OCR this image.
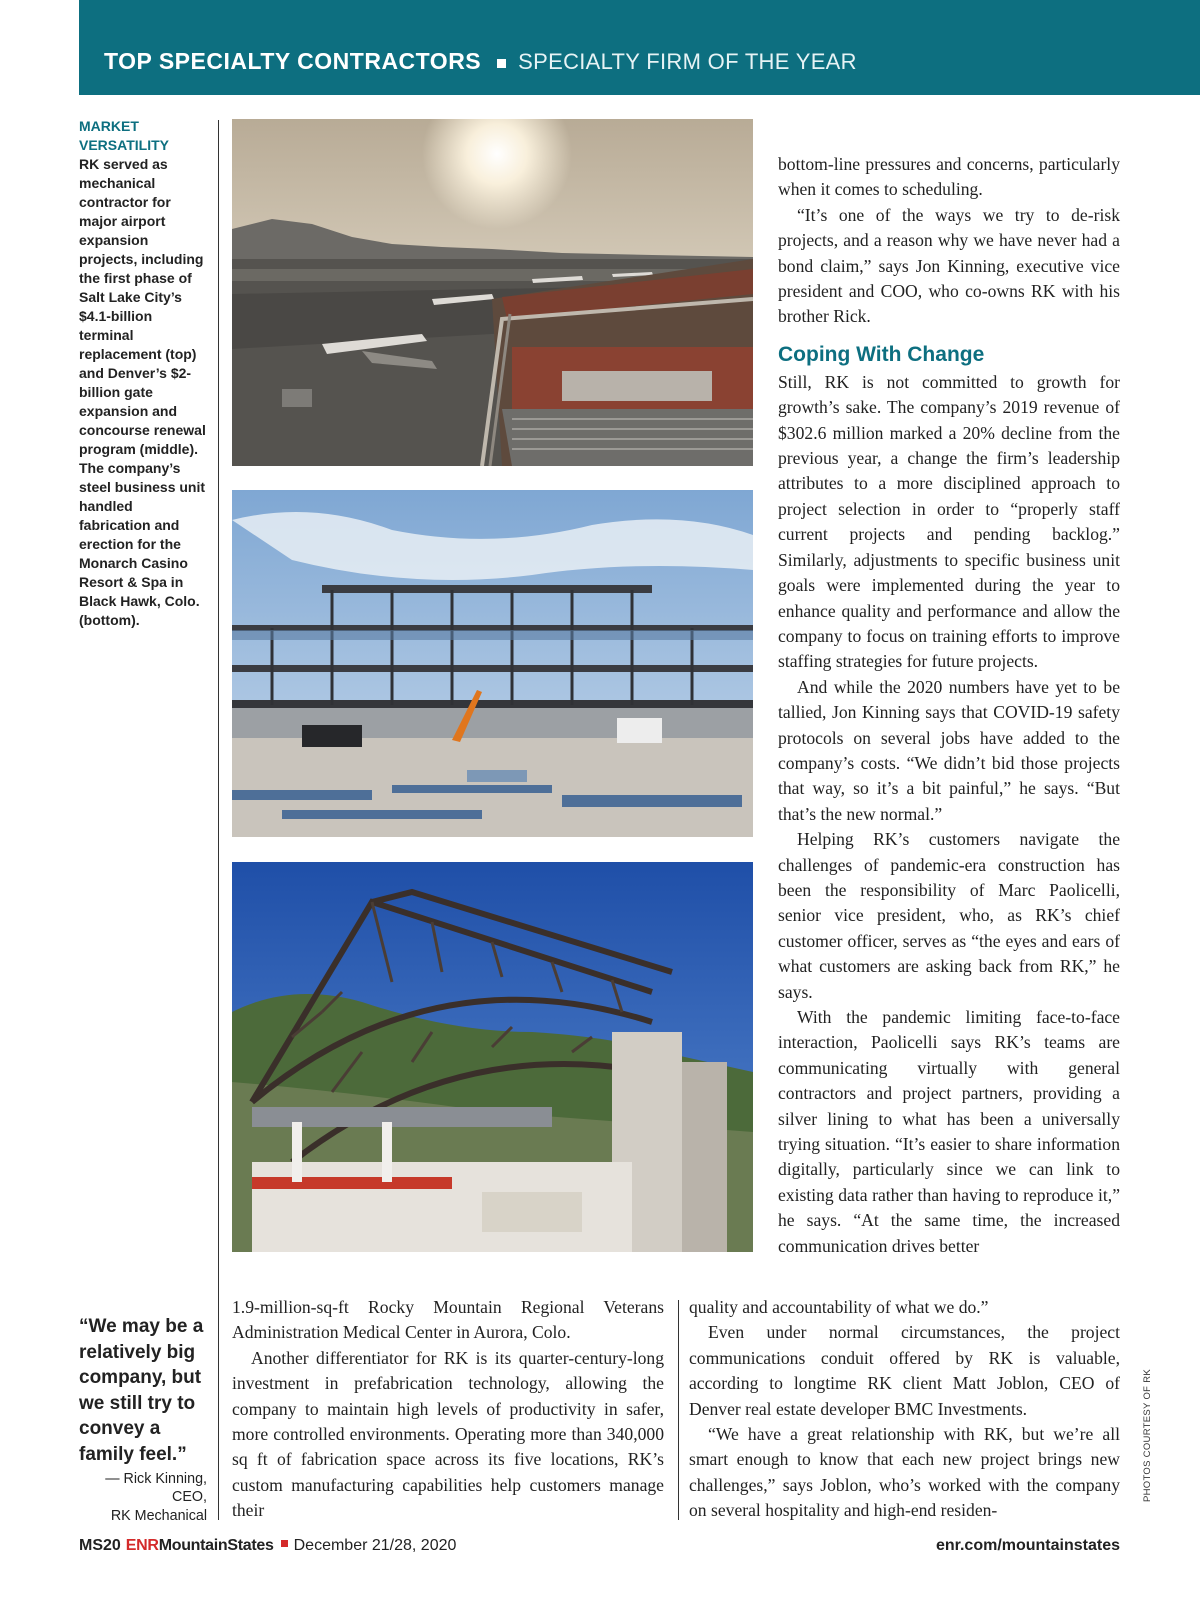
TOP SPECIALTY CONTRACTORS SPECIALTY FIRM OF THE YEAR
MARKET
VERSATILITY
RK served as mechanical contractor for major airport expansion projects, including the first phase of Salt Lake City’s $4.1-billion terminal replacement (top) and Denver’s $2-billion gate expansion and concourse renewal program (middle). The company’s steel business unit handled fabrication and erection for the Monarch Casino Resort & Spa in Black Hawk, Colo. (bottom).

bottom-line pressures and concerns, particularly when it comes to scheduling.

“It’s one of the ways we try to de-risk projects, and a reason why we have never had a bond claim,” says Jon Kinning, executive vice president and COO, who co-owns RK with his brother Rick.

Coping With Change

Still, RK is not committed to growth for growth’s sake. The company’s 2019 revenue of $302.6 million marked a 20% decline from the previous year, a change the firm’s leadership attributes to a more disciplined approach to project selection in order to “properly staff current projects and pending backlog.” Similarly, adjustments to specific business unit goals were implemented during the year to enhance quality and performance and allow the company to focus on training efforts to improve staffing strategies for future projects.

And while the 2020 numbers have yet to be tallied, Jon Kinning says that COVID-19 safety protocols on several jobs have added to the company’s costs. “We didn’t bid those projects that way, so it’s a bit painful,” he says. “But that’s the new normal.”

Helping RK’s customers navigate the challenges of pandemic-era construction has been the responsibility of Marc Paolicelli, senior vice president, who, as RK’s chief customer officer, serves as “the eyes and ears of what customers are asking back from RK,” he says.

With the pandemic limiting face-to-face interaction, Paolicelli says RK’s teams are communicating virtually with general contractors and project partners, providing a silver lining to what has been a universally trying situation. “It’s easier to share information digitally, particularly since we can link to existing data rather than having to reproduce it,” he says. “At the same time, the increased communication drives better

1.9-million-sq-ft Rocky Mountain Regional Veterans Administration Medical Center in Aurora, Colo.

Another differentiator for RK is its quarter-century-long investment in prefabrication technology, allowing the company to maintain high levels of productivity in safer, more controlled environments. Operating more than 340,000 sq ft of fabrication space across its five locations, RK’s custom manufacturing capabilities help customers manage their

quality and accountability of what we do.”

Even under normal circumstances, the project communications conduit offered by RK is valuable, according to longtime RK client Matt Joblon, CEO of Denver real estate developer BMC Investments.

“We have a great relationship with RK, but we’re all smart enough to know that each new project brings new challenges,” says Joblon, who’s worked with the company on several hospitality and high-end residen-

“We may be a relatively big company, but we still try to convey a family feel.”
— Rick Kinning,
CEO,
RK Mechanical
PHOTOS COURTESY OF RK
MS20 ENRMountainStates December 21/28, 2020	enr.com/mountainstates
